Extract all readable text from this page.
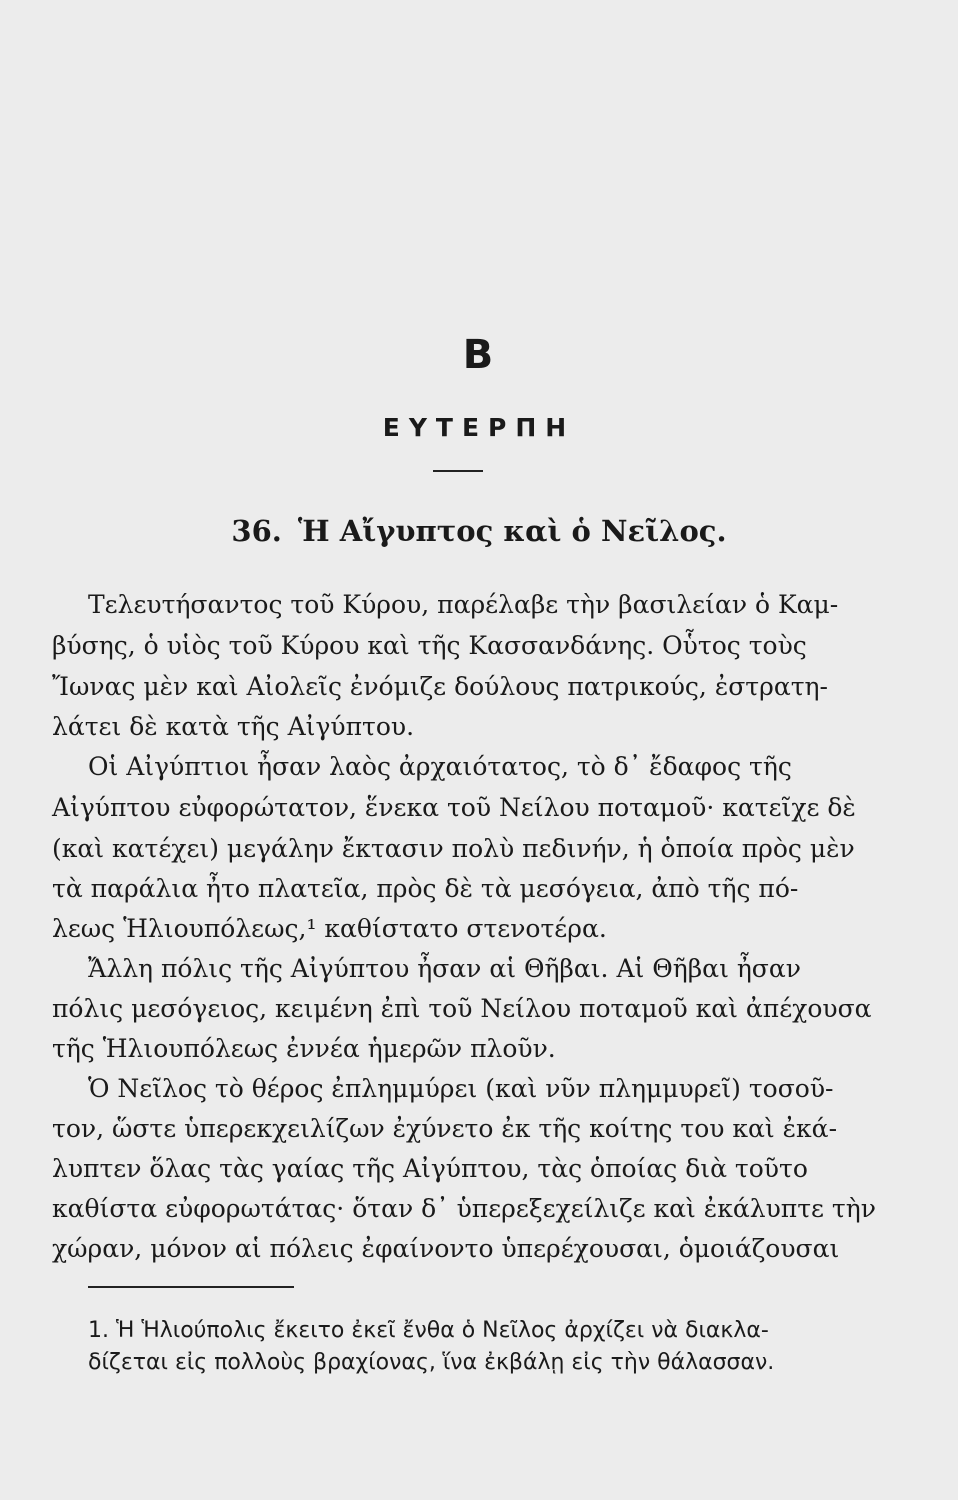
B
ΕΥΤΕΡΠΗ
36. Ἡ Αἴγυπτος καὶ ὁ Νεῖλος.
Τελευτήσαντος τοῦ Κύρου, παρέλαβε τὴν βασιλείαν ὁ Καμ-
βύσης, ὁ υἱὸς τοῦ Κύρου καὶ τῆς Κασσανδάνης. Οὗτος τοὺς
Ἴωνας μὲν καὶ Αἰολεῖς ἐνόμιζε δούλους πατρικούς, ἐστρατη-
λάτει δὲ κατὰ τῆς Αἰγύπτου.
Οἱ Αἰγύπτιοι ἦσαν λαὸς ἀρχαιότατος, τὸ δ᾽ ἔδαφος τῆς
Αἰγύπτου εὐφορώτατον, ἕνεκα τοῦ Νείλου ποταμοῦ· κατεῖχε δὲ
(καὶ κατέχει) μεγάλην ἔκτασιν πολὺ πεδινήν, ἡ ὁποία πρὸς μὲν
τὰ παράλια ἦτο πλατεῖα, πρὸς δὲ τὰ μεσόγεια, ἀπὸ τῆς πό-
λεως Ἡλιουπόλεως,¹ καθίστατο στενοτέρα.
Ἄλλη πόλις τῆς Αἰγύπτου ἦσαν αἱ Θῆβαι. Αἱ Θῆβαι ἦσαν
πόλις μεσόγειος, κειμένη ἐπὶ τοῦ Νείλου ποταμοῦ καὶ ἀπέχουσα
τῆς Ἡλιουπόλεως ἐννέα ἡμερῶν πλοῦν.
Ὁ Νεῖλος τὸ θέρος ἐπλημμύρει (καὶ νῦν πλημμυρεῖ) τοσοῦ-
τον, ὥστε ὑπερεκχειλίζων ἐχύνετο ἐκ τῆς κοίτης του καὶ ἐκά-
λυπτεν ὅλας τὰς γαίας τῆς Αἰγύπτου, τὰς ὁποίας διὰ τοῦτο
καθίστα εὐφορωτάτας· ὅταν δ᾽ ὑπερεξεχείλιζε καὶ ἐκάλυπτε τὴν
χώραν, μόνον αἱ πόλεις ἐφαίνοντο ὑπερέχουσαι, ὁμοιάζουσαι
1. Ἡ Ἡλιούπολις ἔκειτο ἐκεῖ ἔνθα ὁ Νεῖλος ἀρχίζει νὰ διακλα-
δίζεται εἰς πολλοὺς βραχίονας, ἵνα ἐκβάλῃ εἰς τὴν θάλασσαν.
